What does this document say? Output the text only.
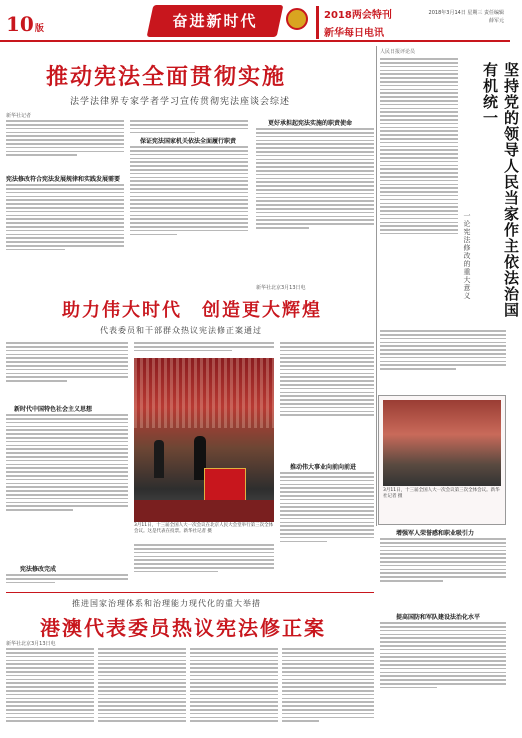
10版	奋进新时代	2018两会特刊
新华每日电讯
2018年3月14日 星期三 责任编辑 薛军元
推动宪法全面贯彻实施
法学法律界专家学者学习宣传贯彻宪法座谈会综述
新华社记者
宪法修改符合宪法发展规律和实践发展需要
保证宪法国家机关依法全面履行职责
更好承担起宪法实施的职责使命
新华社北京3月13日电
人民日报评论员
坚持党的领导人民当家作主依法治国有机统一
一论宪法修改的重大意义
助力伟大时代　创造更大辉煌
代表委员和干部群众热议宪法修正案通过
新时代中国特色社会主义思想
宪法修改完成
3月11日，十三届全国人大一次会议在北京人民大会堂举行第三次全体会议。这是代表在投票。新华社记者 摄
推动伟大事业向前向前进
3月11日，十三届全国人大一次会议第三次全体会议。新华社记者 摄
增强军人荣誉感和职业吸引力
提高国防和军队建设法治化水平
推进国家治理体系和治理能力现代化的重大举措
港澳代表委员热议宪法修正案
新华社北京3月13日电
